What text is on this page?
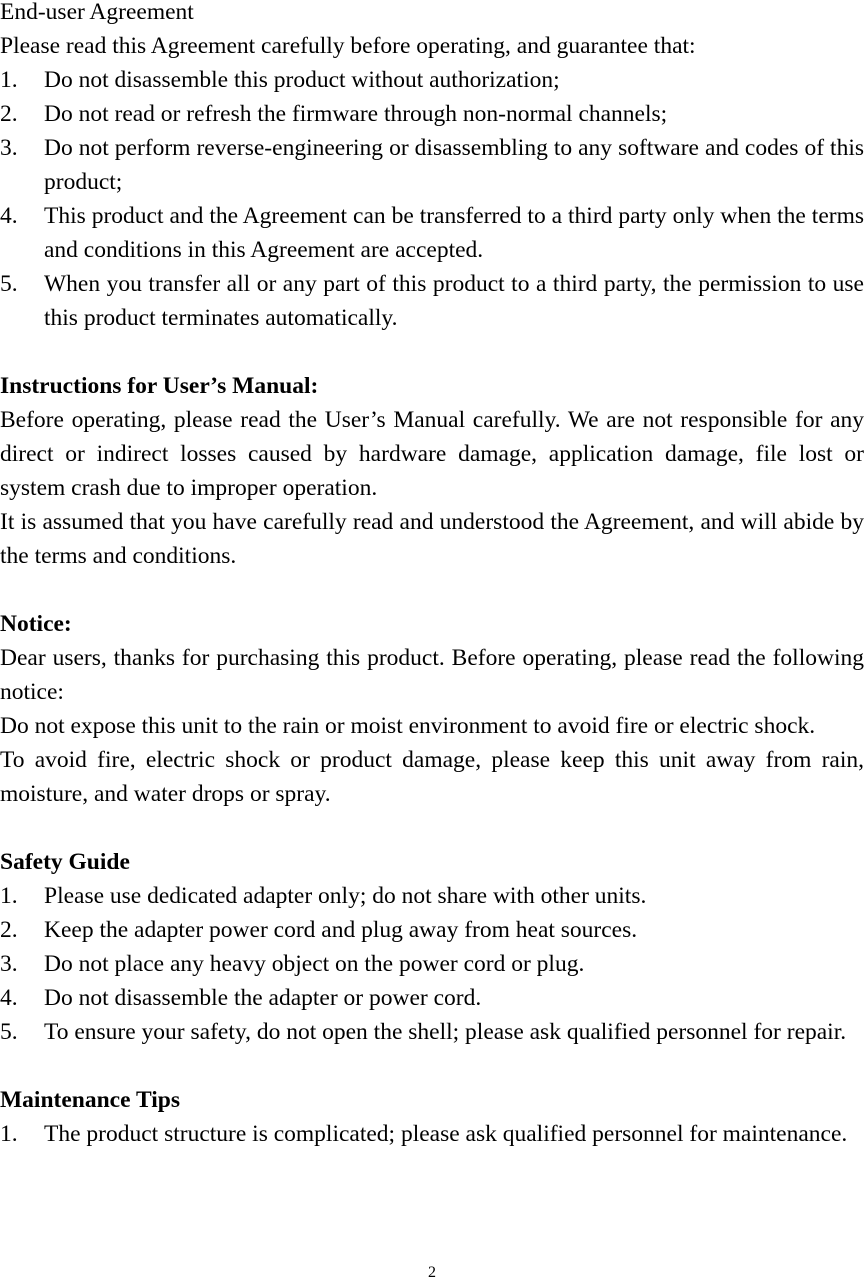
End-user Agreement
Please read this Agreement carefully before operating, and guarantee that:
1. Do not disassemble this product without authorization;
2. Do not read or refresh the firmware through non-normal channels;
3. Do not perform reverse-engineering or disassembling to any software and codes of this product;
4. This product and the Agreement can be transferred to a third party only when the terms and conditions in this Agreement are accepted.
5. When you transfer all or any part of this product to a third party, the permission to use this product terminates automatically.
Instructions for User’s Manual:

Before operating, please read the User’s Manual carefully. We are not responsible for any direct or indirect losses caused by hardware damage, application damage, file lost or system crash due to improper operation.

It is assumed that you have carefully read and understood the Agreement, and will abide by the terms and conditions.

Notice:

Dear users, thanks for purchasing this product. Before operating, please read the following notice:

Do not expose this unit to the rain or moist environment to avoid fire or electric shock.

To avoid fire, electric shock or product damage, please keep this unit away from rain, moisture, and water drops or spray.

Safety Guide
1. Please use dedicated adapter only; do not share with other units.
2. Keep the adapter power cord and plug away from heat sources.
3. Do not place any heavy object on the power cord or plug.
4. Do not disassemble the adapter or power cord.
5. To ensure your safety, do not open the shell; please ask qualified personnel for repair.
Maintenance Tips
1. The product structure is complicated; please ask qualified personnel for maintenance.
2
